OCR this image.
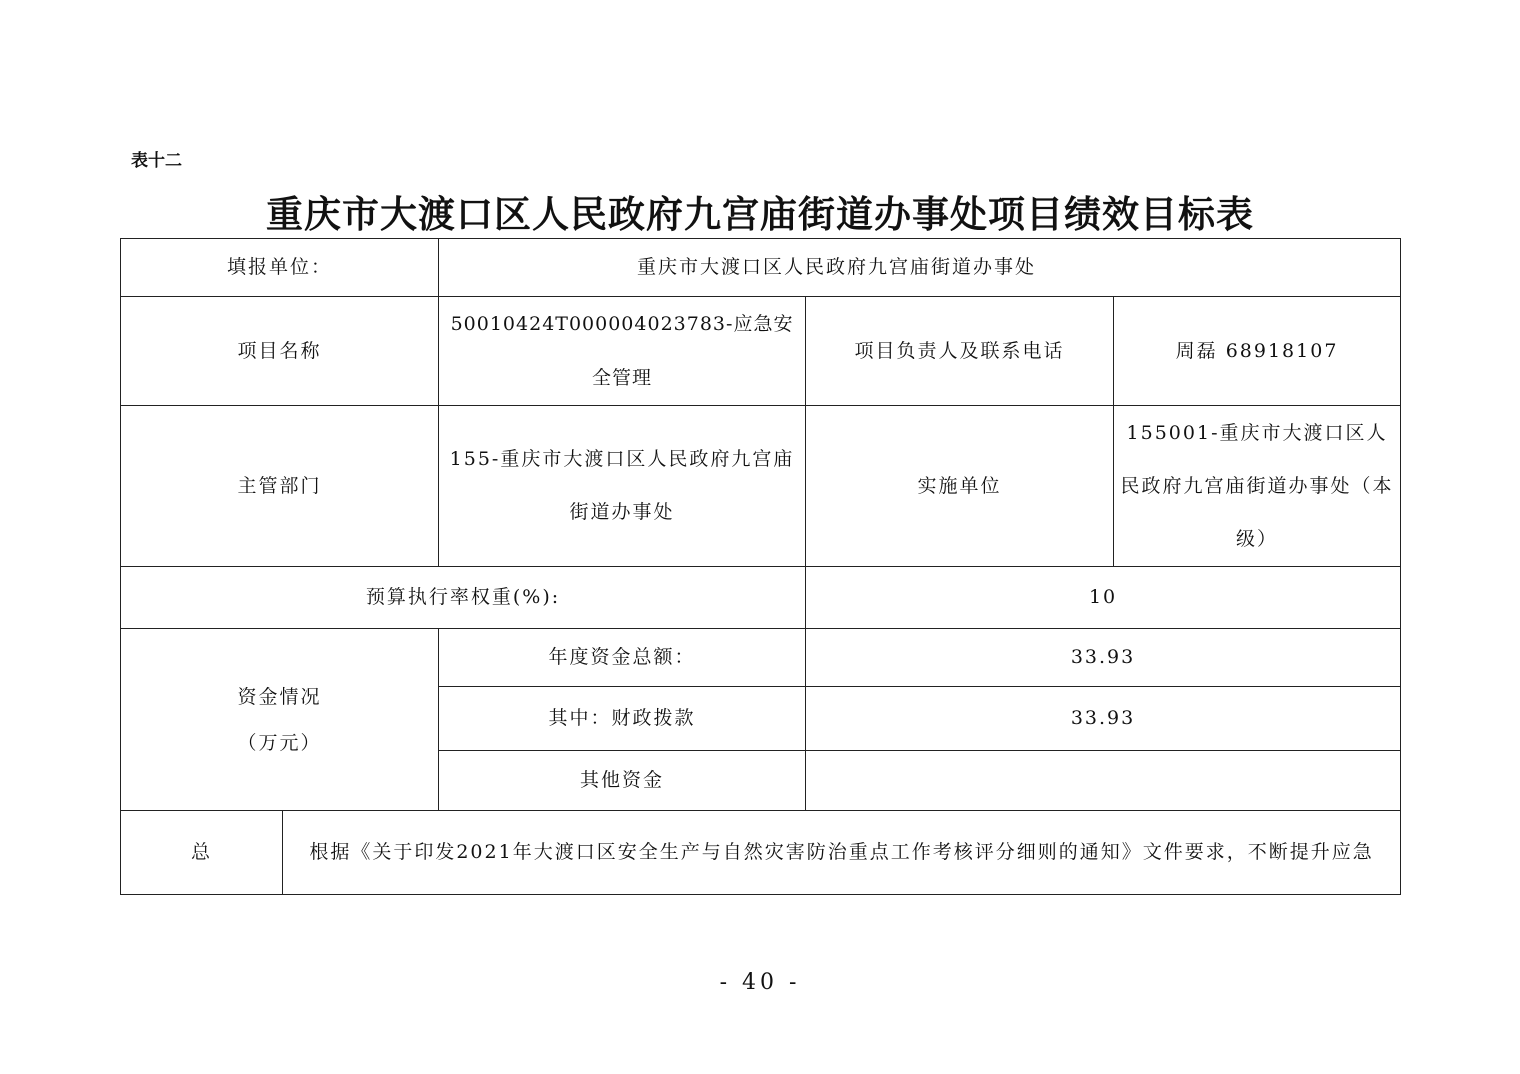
表十二
重庆市大渡口区人民政府九宫庙街道办事处项目绩效目标表
填报单位：		重庆市大渡口区人民政府九宫庙街道办事处		
项目名称		50010424T000004023783-应急安全管理	项目负责人及联系电话	周磊 68918107
主管部门		155-重庆市大渡口区人民政府九宫庙街道办事处	实施单位	155001-重庆市大渡口区人民政府九宫庙街道办事处（本级）
预算执行率权重(%):			10	

资金情况
（万元）		年度资金总额：	33.93	
		其中：财政拨款	33.93	
		其他资金		
总	根据《关于印发2021年大渡口区安全生产与自然灾害防治重点工作考核评分细则的通知》文件要求，不断提升应急			
- 40 -
